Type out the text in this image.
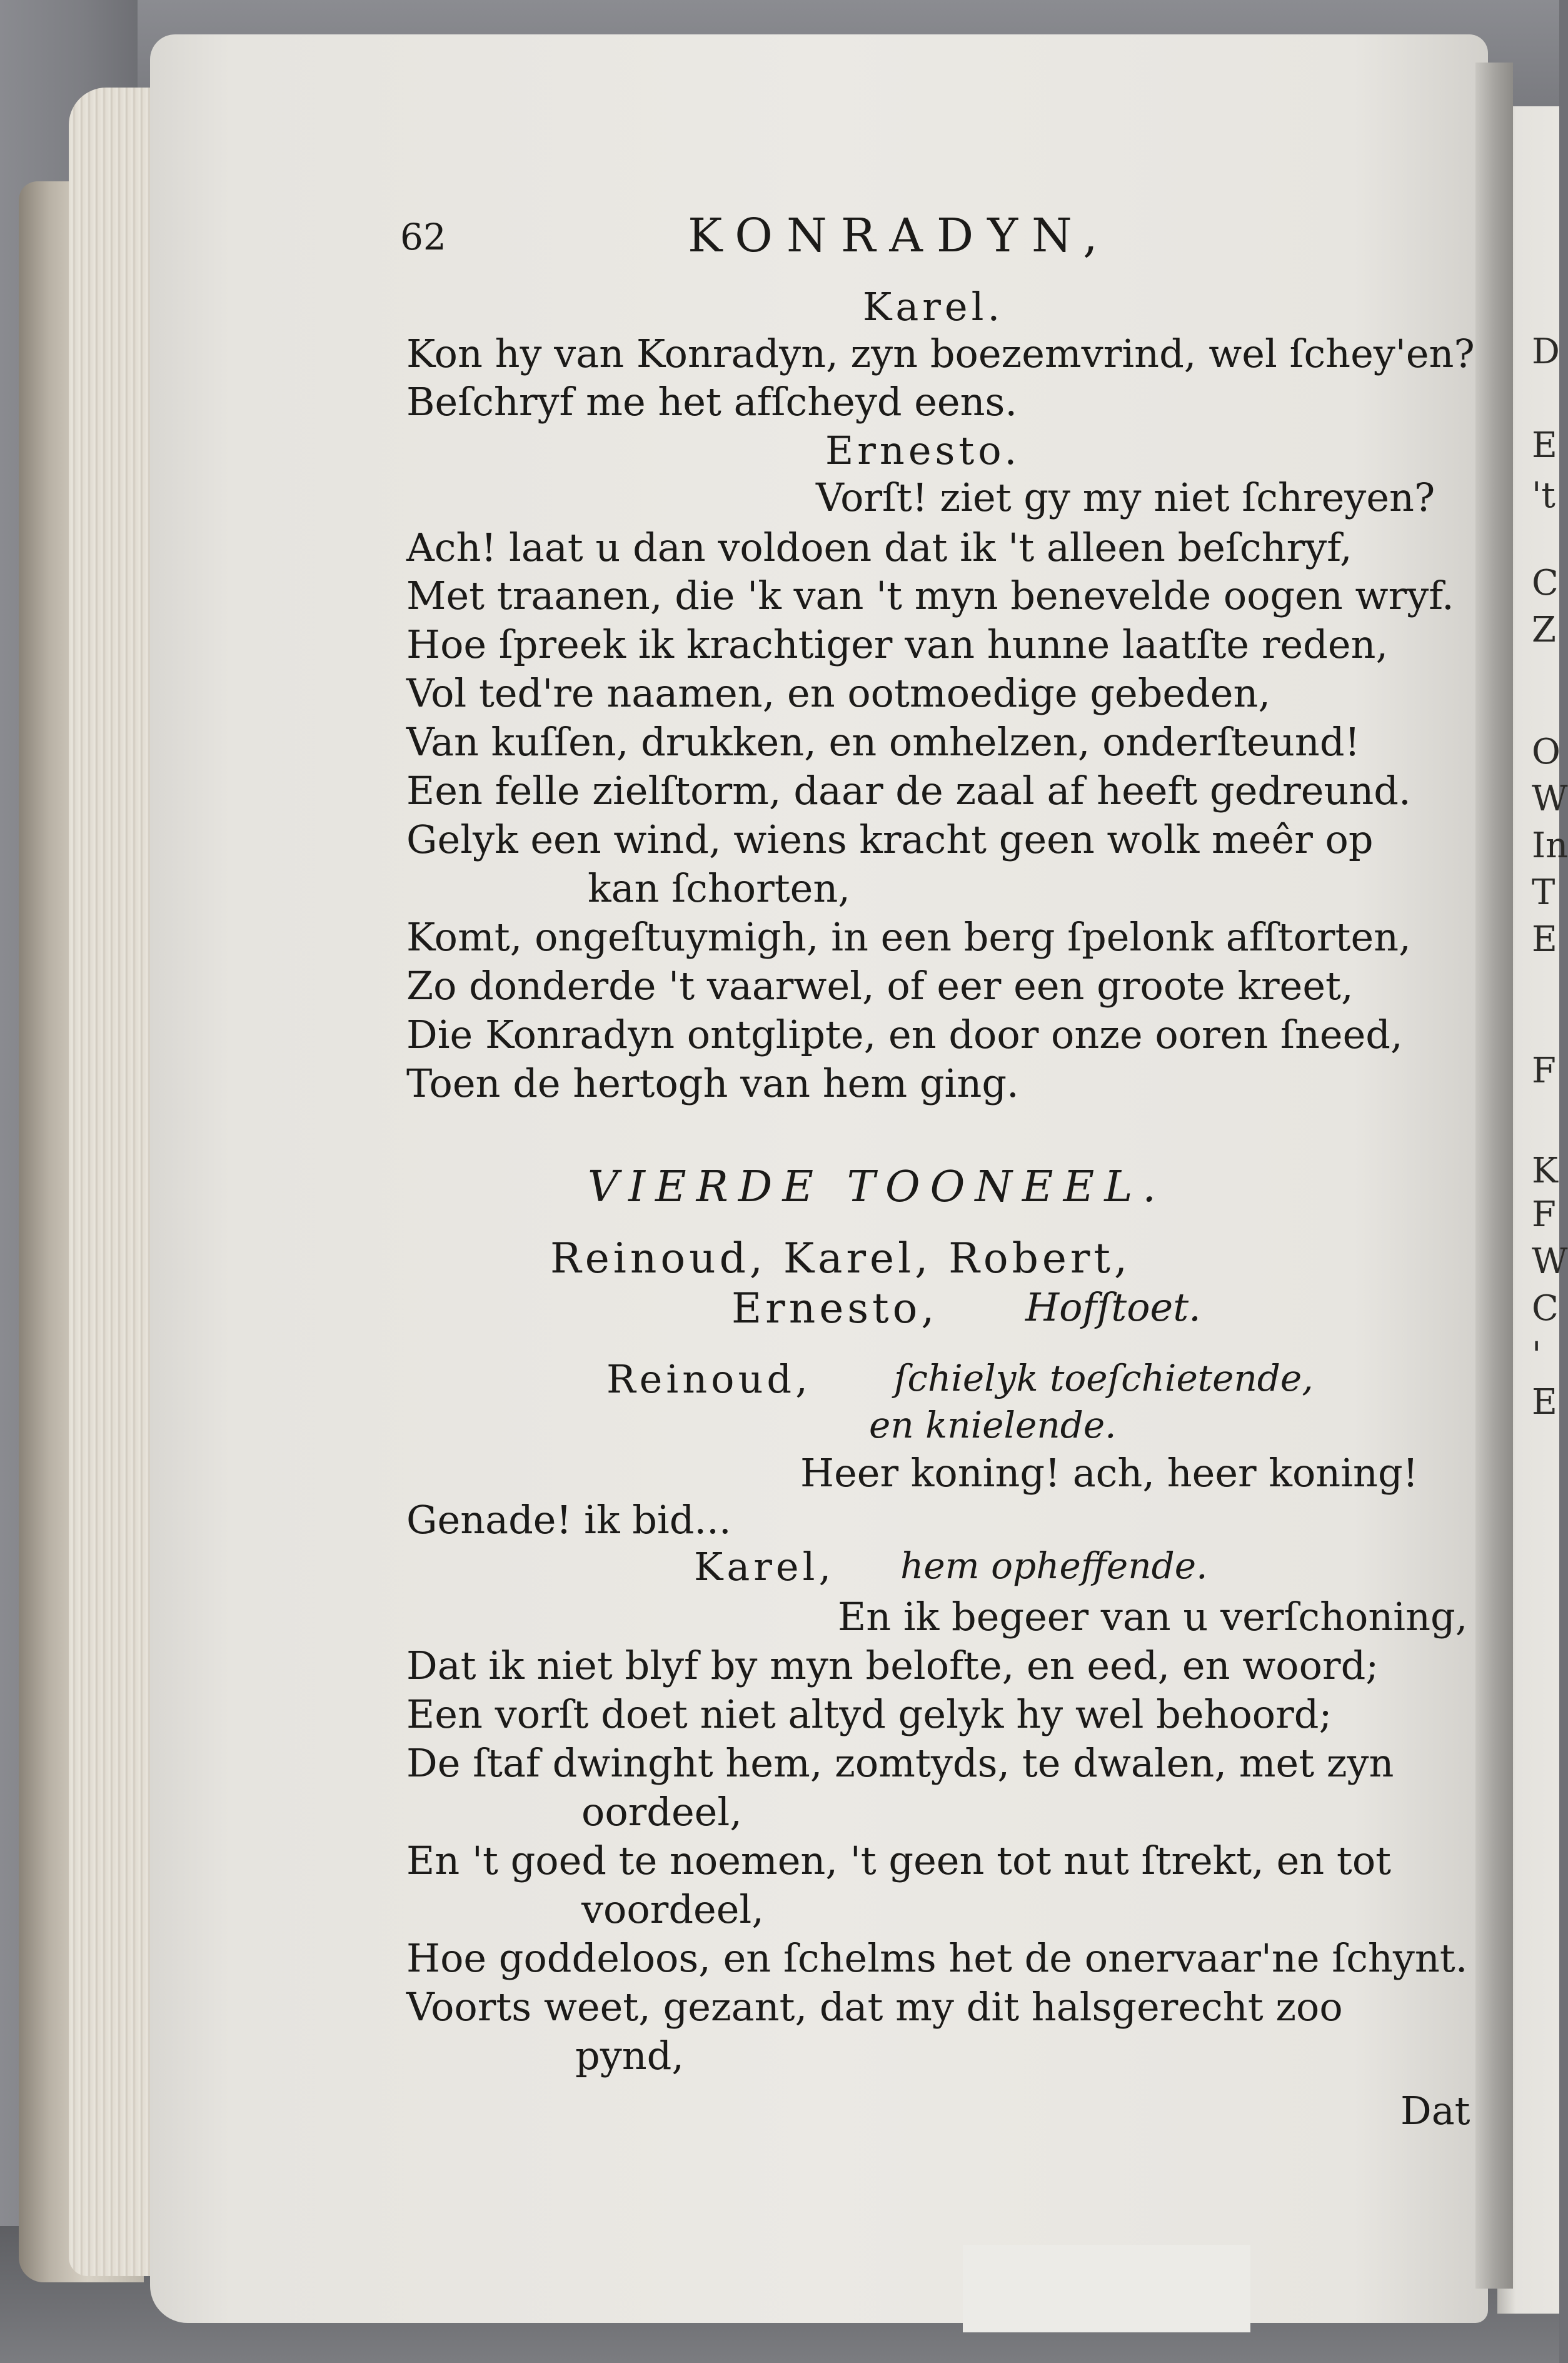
62	KONRADYN,
Karel.
Kon hy van Konradyn, zyn boezemvrind, wel ſchey'en?
Beſchryf me het afſcheyd eens.
Ernesto.
Vorſt! ziet gy my niet ſchreyen?
Ach! laat u dan voldoen dat ik 't alleen beſchryf,
Met traanen, die 'k van 't myn benevelde oogen wryf.
Hoe ſpreek ik krachtiger van hunne laatſte reden,
Vol ted're naamen, en ootmoedige gebeden,
Van kuſſen, drukken, en omhelzen, onderſteund!
Een felle zielſtorm, daar de zaal af heeft gedreund.
Gelyk een wind, wiens kracht geen wolk meêr op
kan ſchorten,
Komt, ongeſtuymigh, in een berg ſpelonk afſtorten,
Zo donderde 't vaarwel, of eer een groote kreet,
Die Konradyn ontglipte, en door onze ooren ſneed,
Toen de hertogh van hem ging.
VIERDE TOONEEL.
Reinoud, Karel, Robert,
Ernesto, Hofſtoet.
Reinoud, ſchielyk toeſchietende,
en knielende.
Heer koning! ach, heer koning!
Genade! ik bid...
Karel, hem opheffende.
En ik begeer van u verſchoning,
Dat ik niet blyf by myn belofte, en eed, en woord;
Een vorſt doet niet altyd gelyk hy wel behoord;
De ſtaf dwinght hem, zomtyds, te dwalen, met zyn
oordeel,
En 't goed te noemen, 't geen tot nut ſtrekt, en tot
voordeel,
Hoe goddeloos, en ſchelms het de onervaar'ne ſchynt.
Voorts weet, gezant, dat my dit halsgerecht zoo
pynd,
Dat
D
E
't
C
Z
O
W
In
T
E
F
K
F
W
C
'
E
